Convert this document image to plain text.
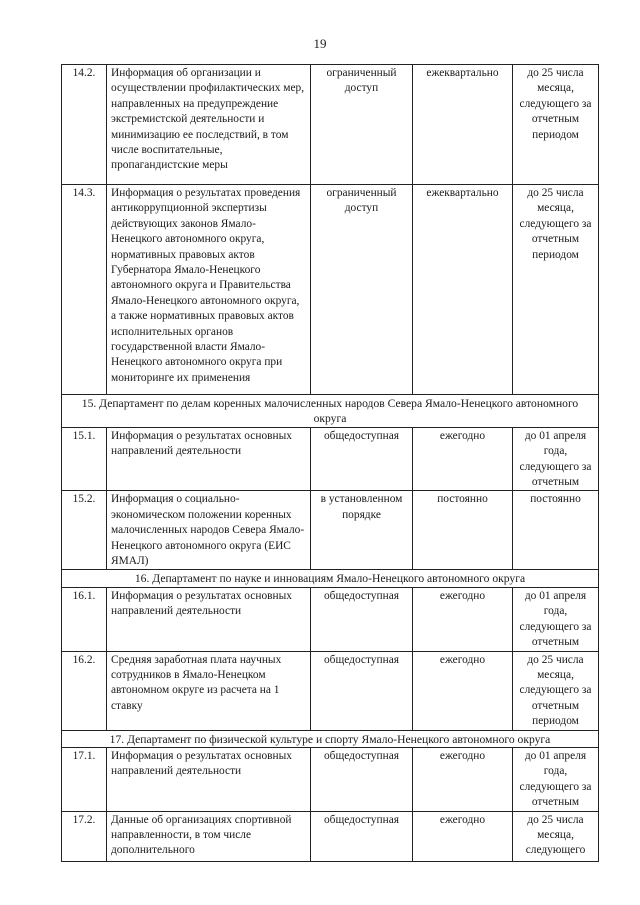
19
14.2.	Информация об организации и осуществлении профилактических мер, направленных на предупреждение экстремистской деятельности и минимизацию ее последствий, в том числе воспитательные, пропагандистские меры	ограниченный доступ	ежеквартально	до 25 числа месяца, следующего за отчетным периодом
14.3.	Информация о результатах проведения антикоррупционной экспертизы действующих законов Ямало-Ненецкого автономного округа, нормативных правовых актов Губернатора Ямало-Ненецкого автономного округа и Правительства Ямало-Ненецкого автономного округа, а также нормативных правовых актов исполнительных органов государственной власти Ямало-Ненецкого автономного округа при мониторинге их применения	ограниченный доступ	ежеквартально	до 25 числа месяца, следующего за отчетным периодом
15. Департамент по делам коренных малочисленных народов Севера Ямало-Ненецкого автономного округа				
15.1.	Информация о результатах основных направлений деятельности	общедоступная	ежегодно	до 01 апреля года, следующего за отчетным
15.2.	Информация о социально-экономическом положении коренных малочисленных народов Севера Ямало-Ненецкого автономного округа (ЕИС ЯМАЛ)	в установленном порядке	постоянно	постоянно
16. Департамент по науке и инновациям Ямало-Ненецкого автономного округа				
16.1.	Информация о результатах основных направлений деятельности	общедоступная	ежегодно	до 01 апреля года, следующего за отчетным
16.2.	Средняя заработная плата научных сотрудников в Ямало-Ненецком автономном округе из расчета на 1 ставку	общедоступная	ежегодно	до 25 числа месяца, следующего за отчетным периодом
17. Департамент по физической культуре и спорту Ямало-Ненецкого автономного округа				
17.1.	Информация о результатах основных направлений деятельности	общедоступная	ежегодно	до 01 апреля года, следующего за отчетным
17.2.	Данные об организациях спортивной направленности, в том числе дополнительного	общедоступная	ежегодно	до 25 числа месяца, следующего
